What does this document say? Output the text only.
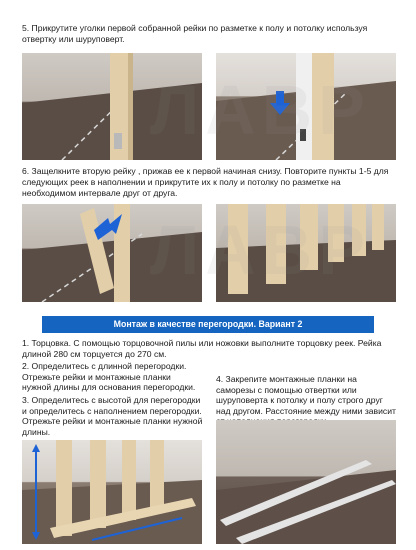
5. Прикрутите уголки первой собранной рейки по разметке к полу и потолку используя отвертку или шуруповерт.
6. Защелкните вторую рейку , прижав ее к первой начиная снизу. Повторите пункты 1-5 для следующих реек в наполнении и прикрутите их к полу и потолку по разметке на необходимом интервале друг от друга.
Монтаж в качестве перегородки. Вариант 2
1. Торцовка. С помощью торцовочной пилы или ножовки выполните торцовку реек. Рейка длиной 280 см торцуется до 270 см.
2. Определитесь с длинной перегородки. Отрежьте рейки и монтажные планки нужной длины для основания перегородки.
3. Определитесь с высотой для перегородки и определитесь с наполнением перегородки. Отрежьте рейки и монтажные планки нужной длины.
4. Закрепите монтажные планки на саморезы с помощью отвертки или шуруповерта к потолку и полу строго друг над другом. Расстояние между ними зависит
